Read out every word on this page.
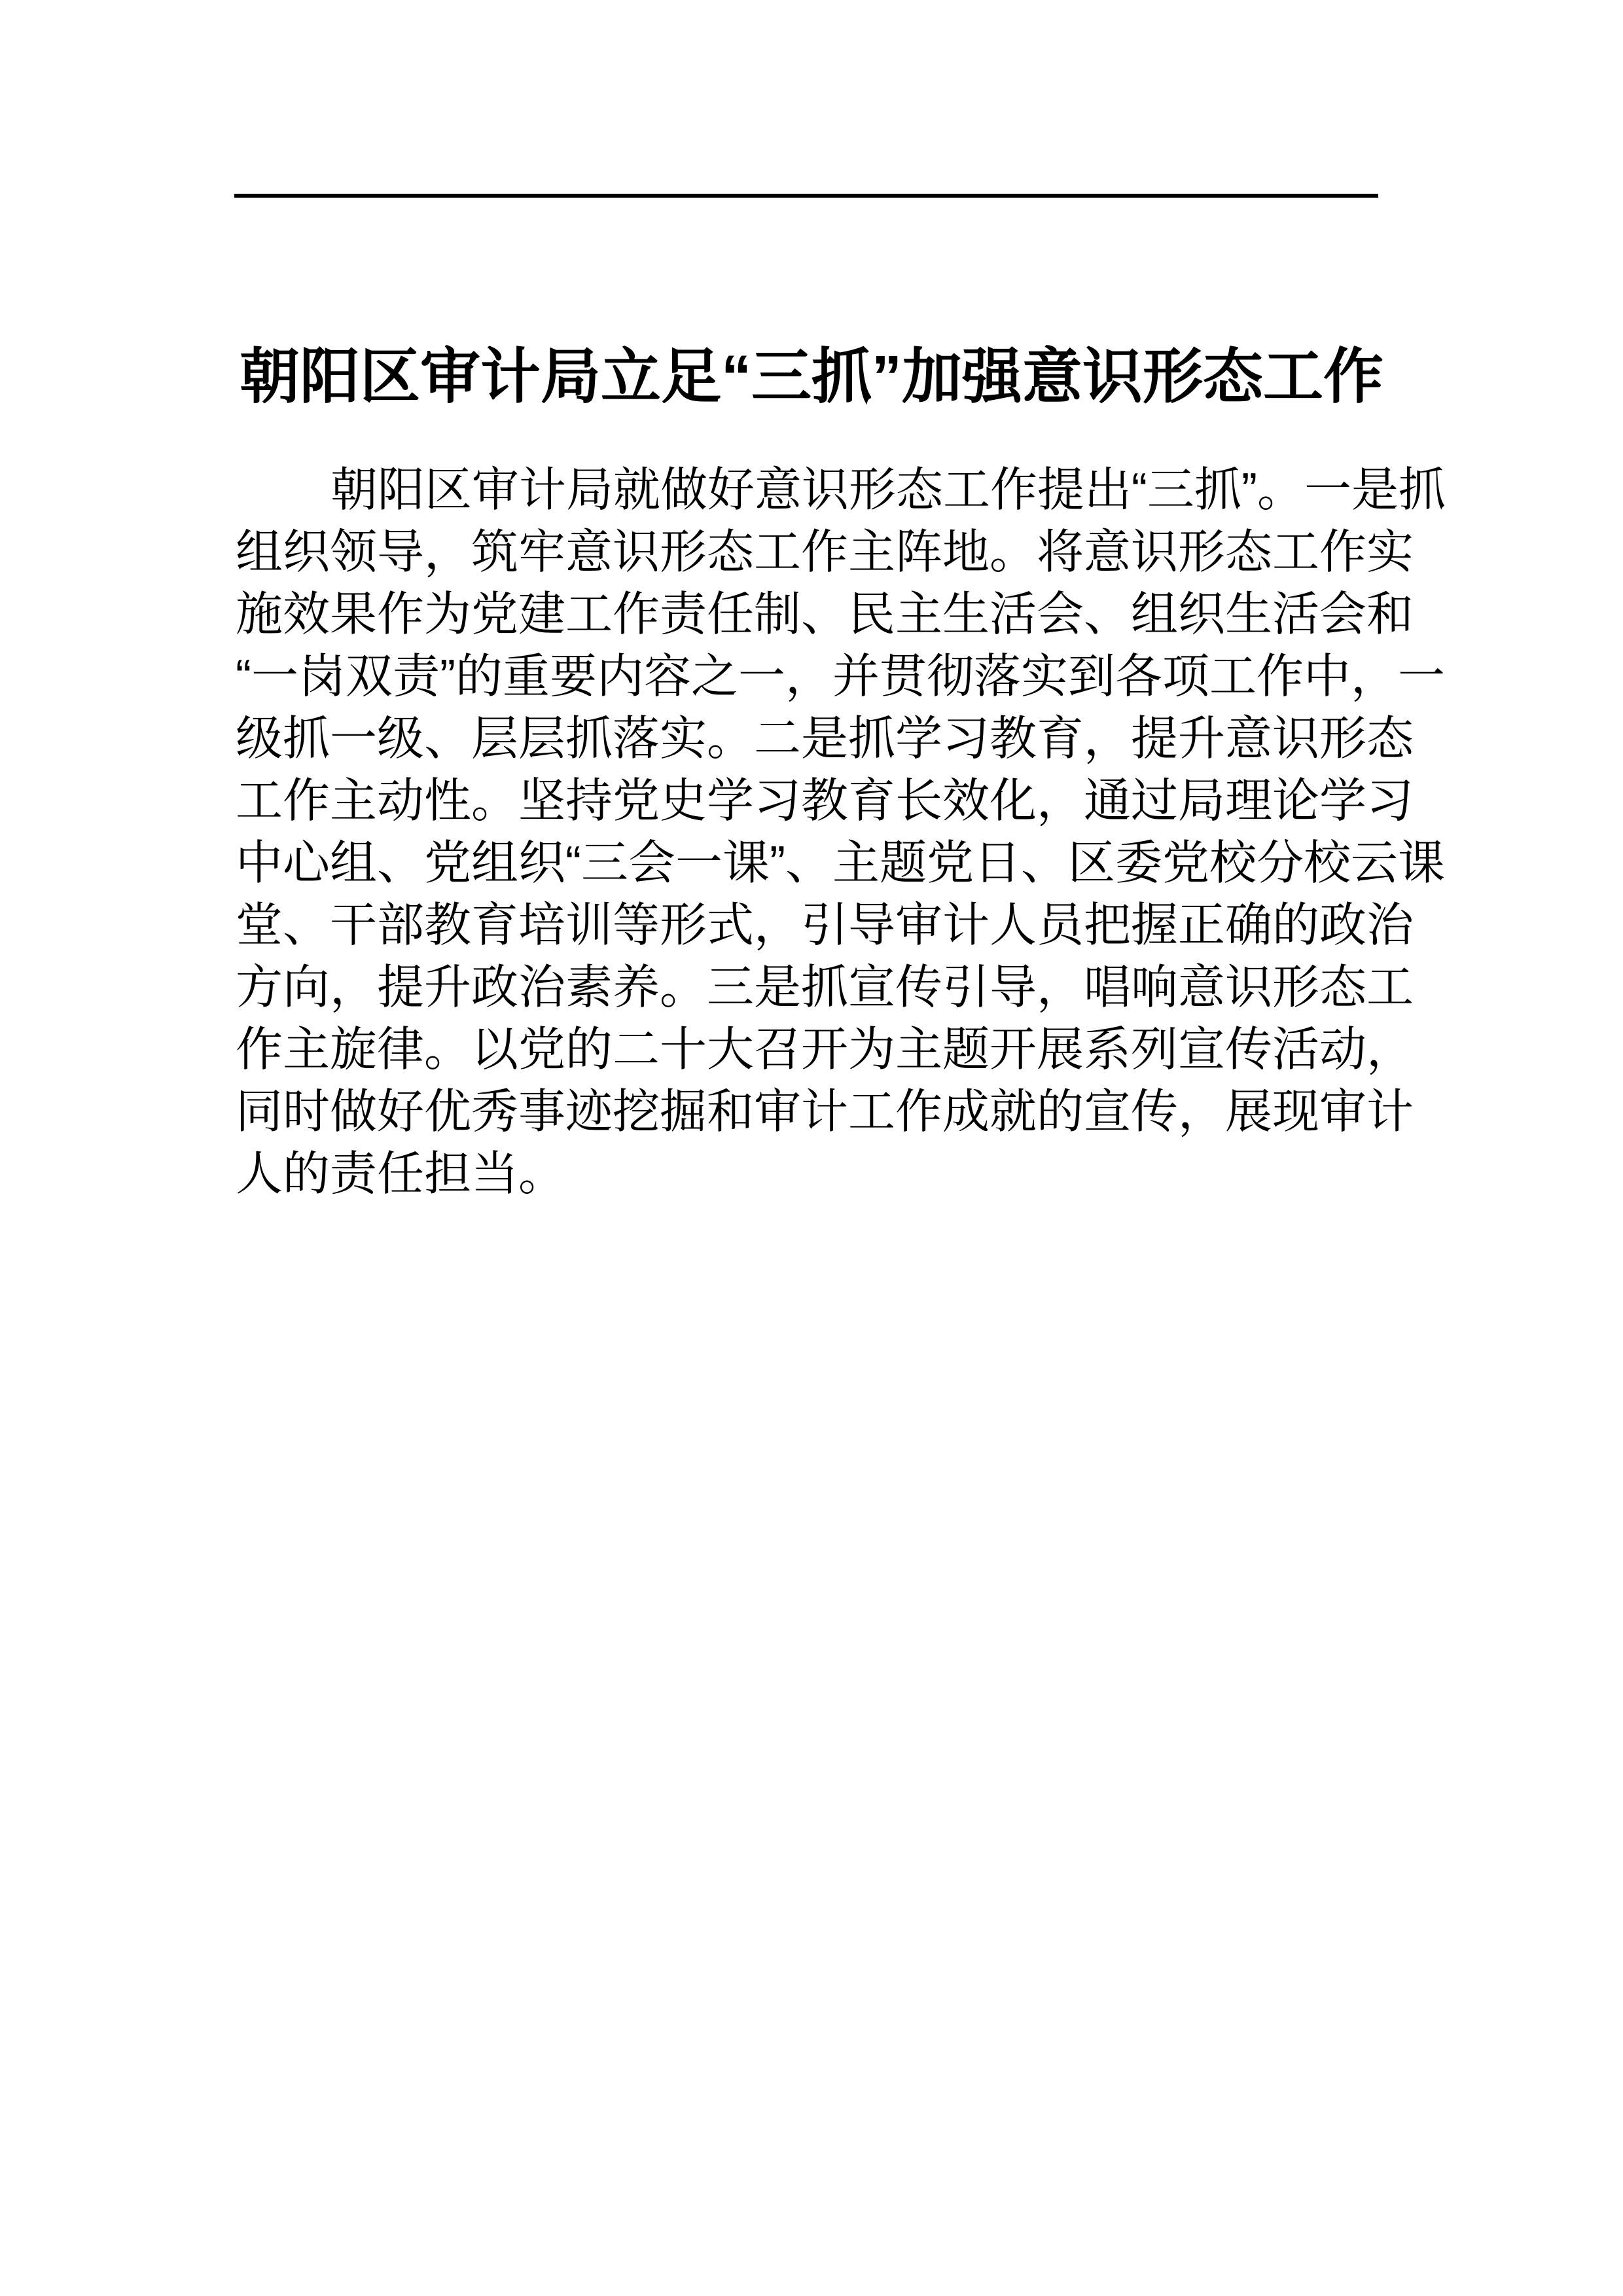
朝阳区审计局立足“三抓”加强意识形态工作
朝阳区审计局就做好意识形态工作提出“三抓”。一是抓
组织领导，筑牢意识形态工作主阵地。将意识形态工作实
施效果作为党建工作责任制、民主生活会、组织生活会和
“一岗双责”的重要内容之一，并贯彻落实到各项工作中，一
级抓一级、层层抓落实。二是抓学习教育，提升意识形态
工作主动性。坚持党史学习教育长效化，通过局理论学习
中心组、党组织“三会一课”、主题党日、区委党校分校云课
堂、干部教育培训等形式，引导审计人员把握正确的政治
方向，提升政治素养。三是抓宣传引导，唱响意识形态工
作主旋律。以党的二十大召开为主题开展系列宣传活动，
同时做好优秀事迹挖掘和审计工作成就的宣传，展现审计
人的责任担当。
